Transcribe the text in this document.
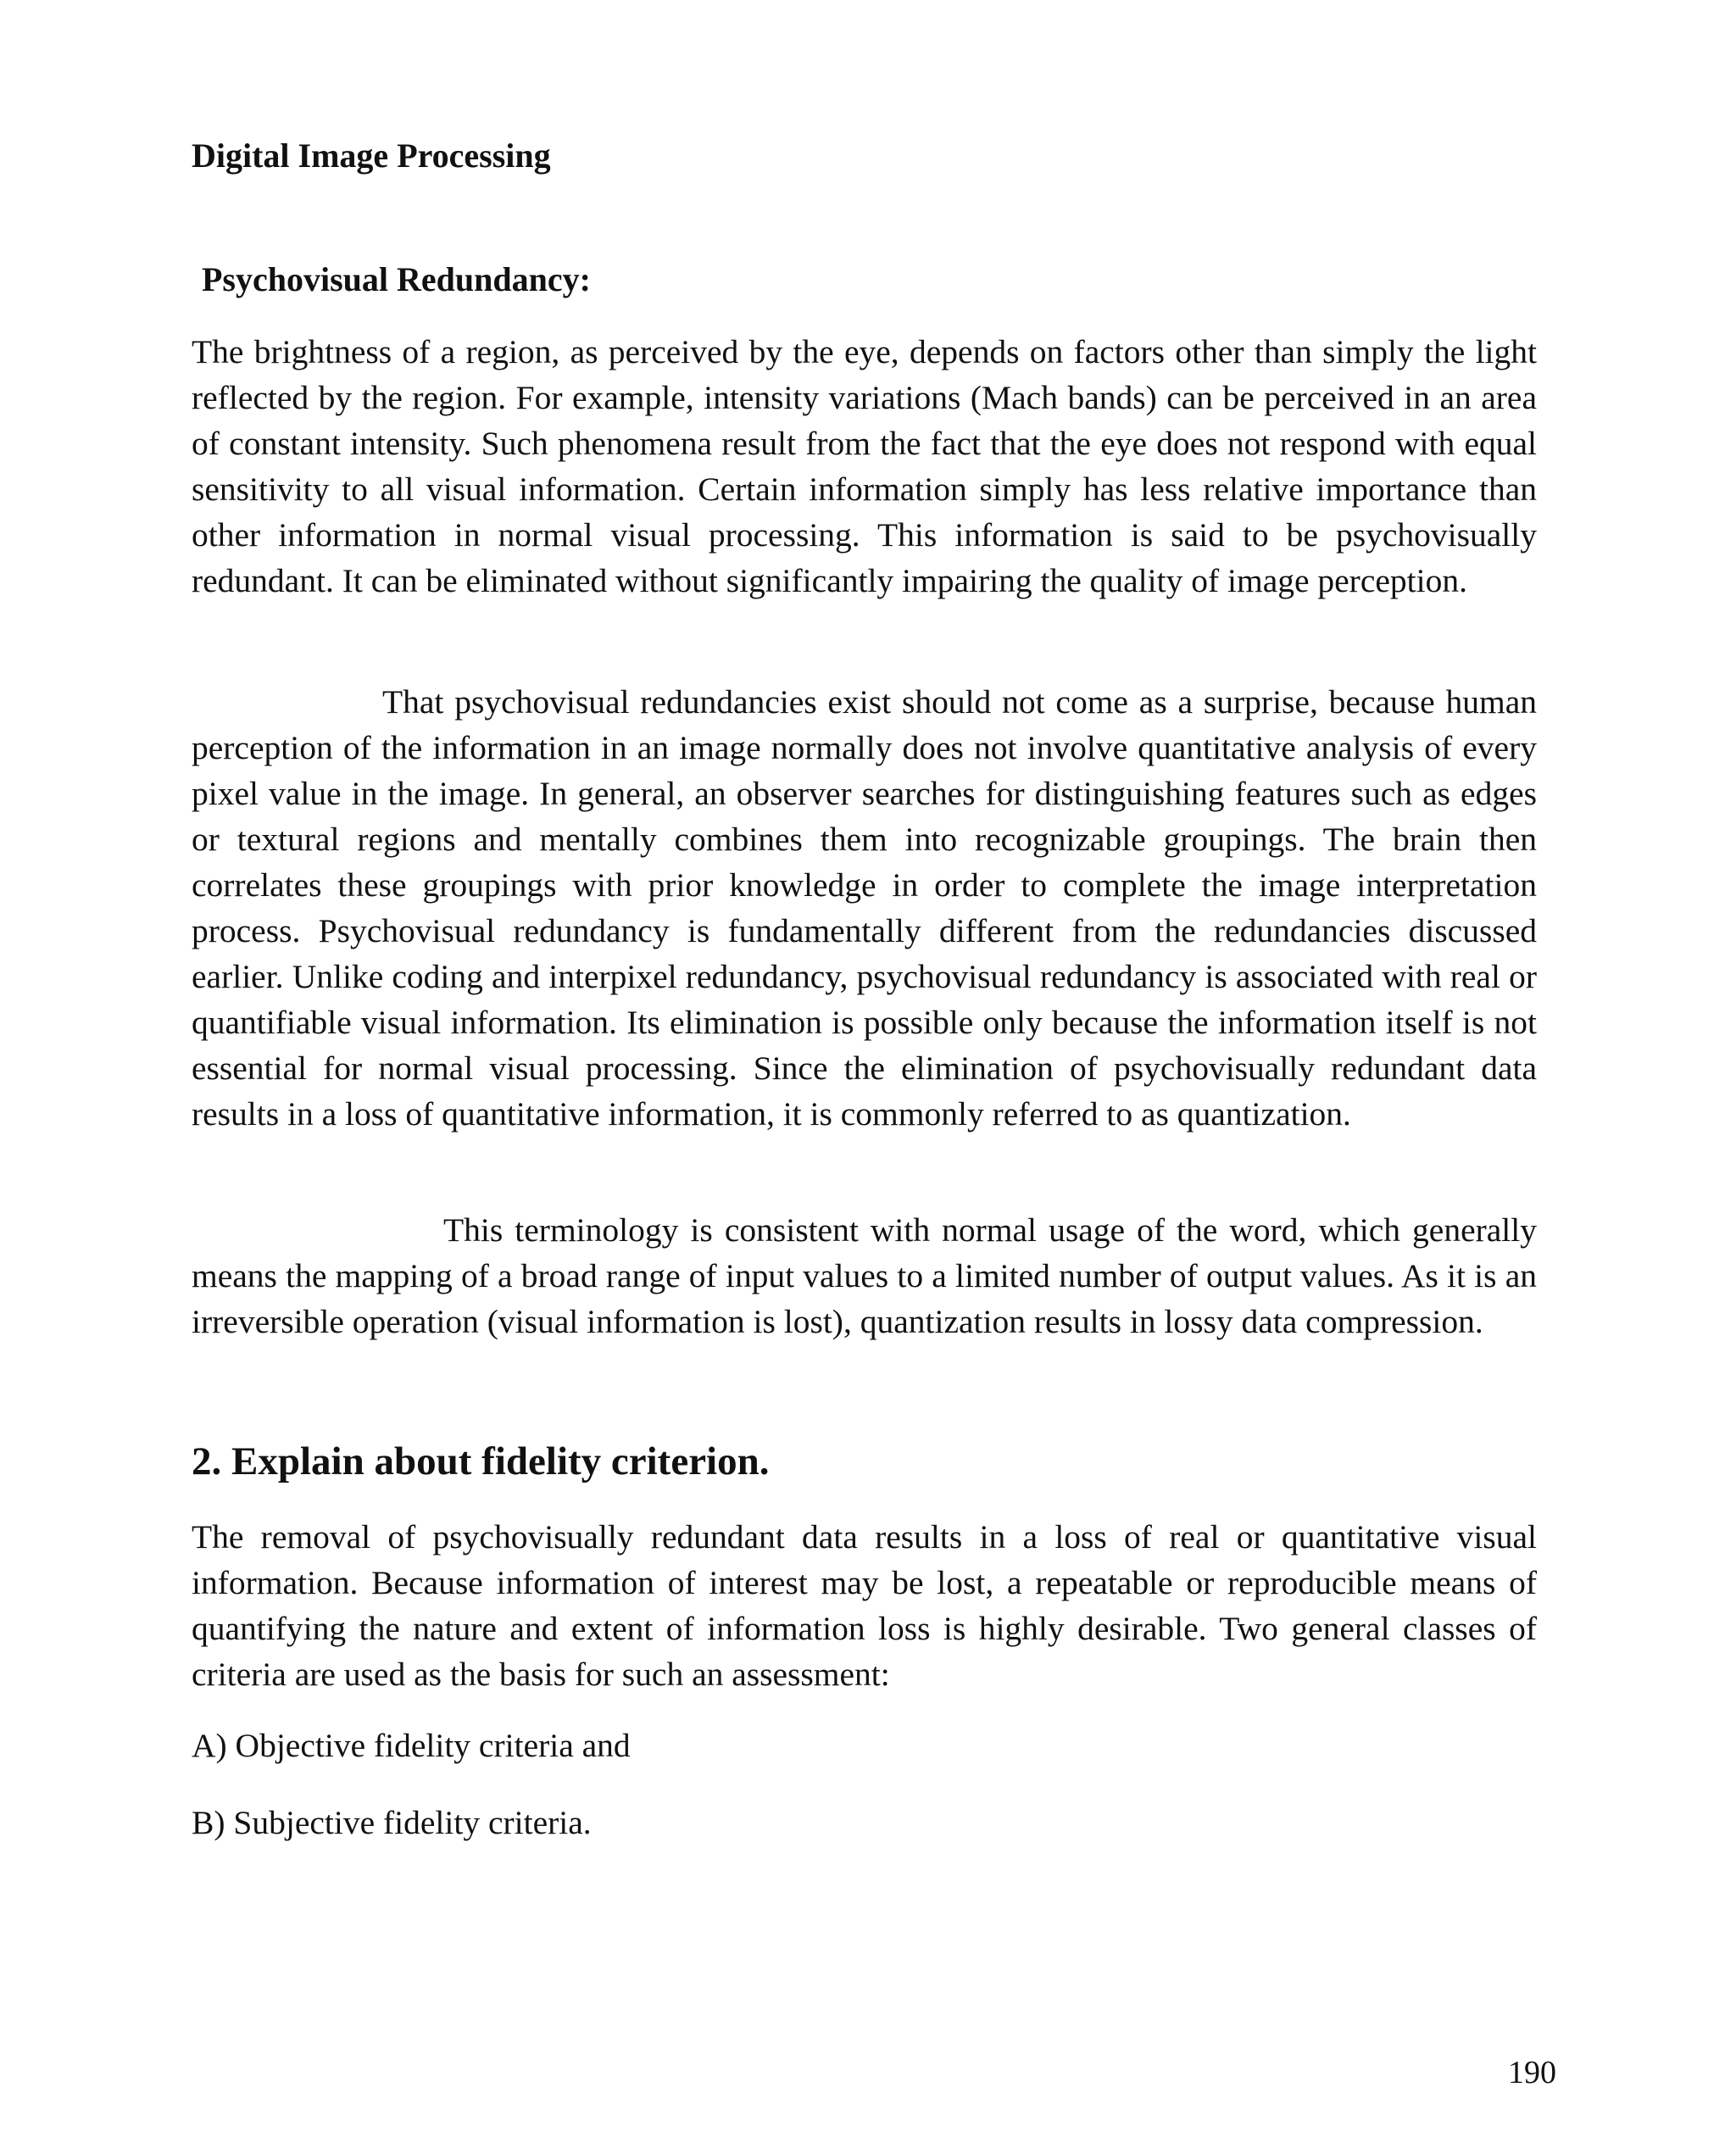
Digital Image Processing

Psychovisual Redundancy:

The brightness of a region, as perceived by the eye, depends on factors other than simply the light reflected by the region. For example, intensity variations (Mach bands) can be perceived in an area of constant intensity. Such phenomena result from the fact that the eye does not respond with equal sensitivity to all visual information. Certain information simply has less relative importance than other information in normal visual processing. This information is said to be psychovisually redundant. It can be eliminated without significantly impairing the quality of image perception.

That psychovisual redundancies exist should not come as a surprise, because human perception of the information in an image normally does not involve quantitative analysis of every pixel value in the image. In general, an observer searches for distinguishing features such as edges or textural regions and mentally combines them into recognizable groupings. The brain then correlates these groupings with prior knowledge in order to complete the image interpretation process. Psychovisual redundancy is fundamentally different from the redundancies discussed earlier. Unlike coding and interpixel redundancy, psychovisual redundancy is associated with real or quantifiable visual information. Its elimination is possible only because the information itself is not essential for normal visual processing. Since the elimination of psychovisually redundant data results in a loss of quantitative information, it is commonly referred to as quantization.

This terminology is consistent with normal usage of the word, which generally means the mapping of a broad range of input values to a limited number of output values. As it is an irreversible operation (visual information is lost), quantization results in lossy data compression.

2. Explain about fidelity criterion.

The removal of psychovisually redundant data results in a loss of real or quantitative visual information. Because information of interest may be lost, a repeatable or reproducible means of quantifying the nature and extent of information loss is highly desirable. Two general classes of criteria are used as the basis for such an assessment:

A) Objective fidelity criteria and

B) Subjective fidelity criteria.

190
